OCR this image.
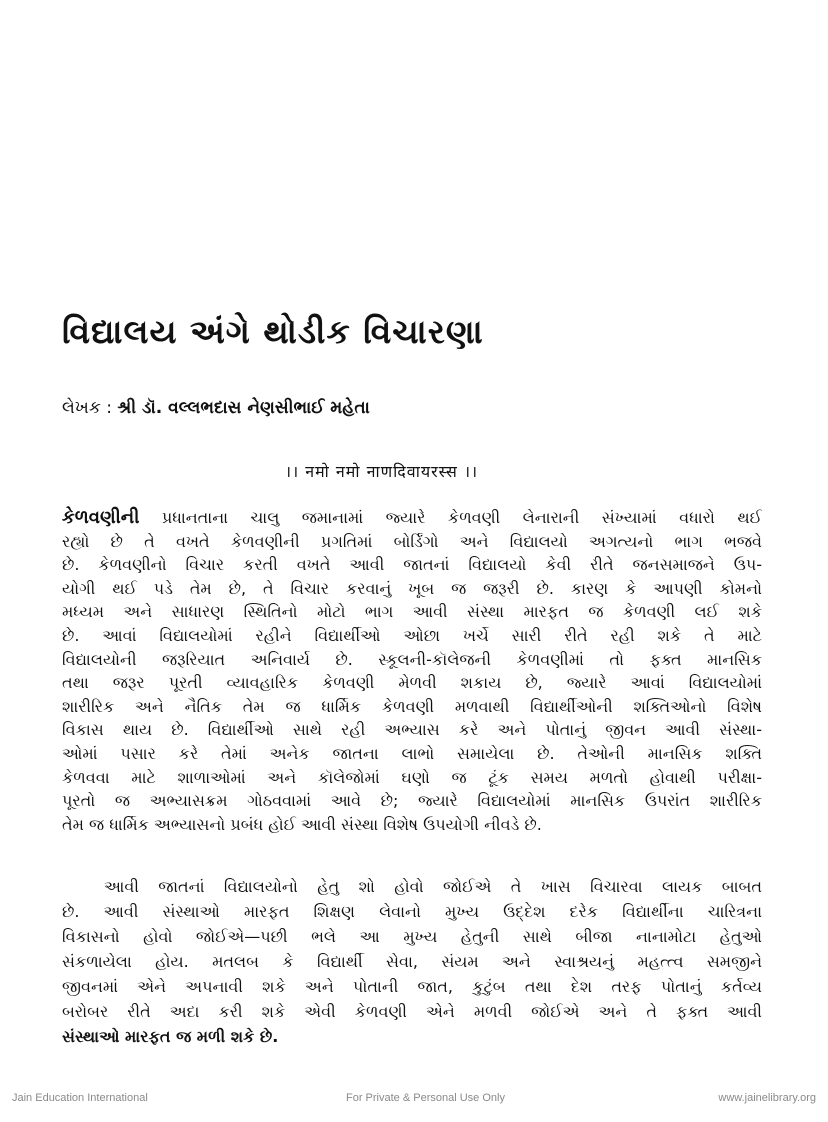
વિદ્યાલય અંગે થોડીક વિચારણા
લેખક : શ્રી ડૉ. વલ્લભદાસ નેણસીભાઈ મહેતા
।। नमो नमो नाणदिवायरस्स ।।
કેળવણીની પ્રધાનતાના ચાલુ જમાનામાં જ્યારે કેળવણી લેનારાની સંખ્યામાં વધારો થઈ
રહ્યો છે તે વખતે કેળવણીની પ્રગતિમાં બોર્ડિંગો અને વિદ્યાલયો અગત્યનો ભાગ ભજવે
છે. કેળવણીનો વિચાર કરતી વખતે આવી જાતનાં વિદ્યાલયો કેવી રીતે જનસમાજને ઉપ-
યોગી થઈ પડે તેમ છે, તે વિચાર કરવાનું ખૂબ જ જરૂરી છે. કારણ કે આપણી કોમનો
મધ્યમ અને સાધારણ સ્થિતિનો મોટો ભાગ આવી સંસ્થા મારફત જ કેળવણી લઈ શકે
છે. આવાં વિદ્યાલયોમાં રહીને વિદ્યાર્થીઓ ઓછા ખર્ચે સારી રીતે રહી શકે તે માટે
વિદ્યાલયોની જરૂરિયાત અનિવાર્ય છે. સ્કૂલની-કૉલેજની કેળવણીમાં તો ફક્ત માનસિક
તથા જરૂર પૂરતી વ્યાવહારિક કેળવણી મેળવી શકાય છે, જ્યારે આવાં વિદ્યાલયોમાં
શારીરિક અને નૈતિક તેમ જ ધાર્મિક કેળવણી મળવાથી વિદ્યાર્થીઓની શક્તિઓનો વિશેષ
વિકાસ થાય છે. વિદ્યાર્થીઓ સાથે રહી અભ્યાસ કરે અને પોતાનું જીવન આવી સંસ્થા-
ઓમાં પસાર કરે તેમાં અનેક જાતના લાભો સમાયેલા છે. તેઓની માનસિક શક્તિ
કેળવવા માટે શાળાઓમાં અને કૉલેજોમાં ઘણો જ ટૂંક સમય મળતો હોવાથી પરીક્ષા-
પૂરતો જ અભ્યાસક્રમ ગોઠવવામાં આવે છે; જ્યારે વિદ્યાલયોમાં માનસિક ઉપરાંત શારીરિક
તેમ જ ધાર્મિક અભ્યાસનો પ્રબંધ હોઈ આવી સંસ્થા વિશેષ ઉપયોગી નીવડે છે.
આવી જાતનાં વિદ્યાલયોનો હેતુ શો હોવો જોઈએ તે ખાસ વિચારવા લાયક બાબત
છે. આવી સંસ્થાઓ મારફત શિક્ષણ લેવાનો મુખ્ય ઉદ્દેશ દરેક વિદ્યાર્થીના ચારિત્રના
વિકાસનો હોવો જોઈએ—પછી ભલે આ મુખ્ય હેતુની સાથે બીજા નાનામોટા હેતુઓ
સંકળાયેલા હોય. મતલબ કે વિદ્યાર્થી સેવા, સંયમ અને સ્વાશ્રયનું મહત્ત્વ સમજીને
જીવનમાં એને અપનાવી શકે અને પોતાની જાત, કુટુંબ તથા દેશ તરફ પોતાનું કર્તવ્ય
બરોબર રીતે અદા કરી શકે એવી કેળવણી એને મળવી જોઈએ અને તે ફક્ત આવી
સંસ્થાઓ મારફત જ મળી શકે છે.
Jain Education International	For Private & Personal Use Only	www.jainelibrary.org
